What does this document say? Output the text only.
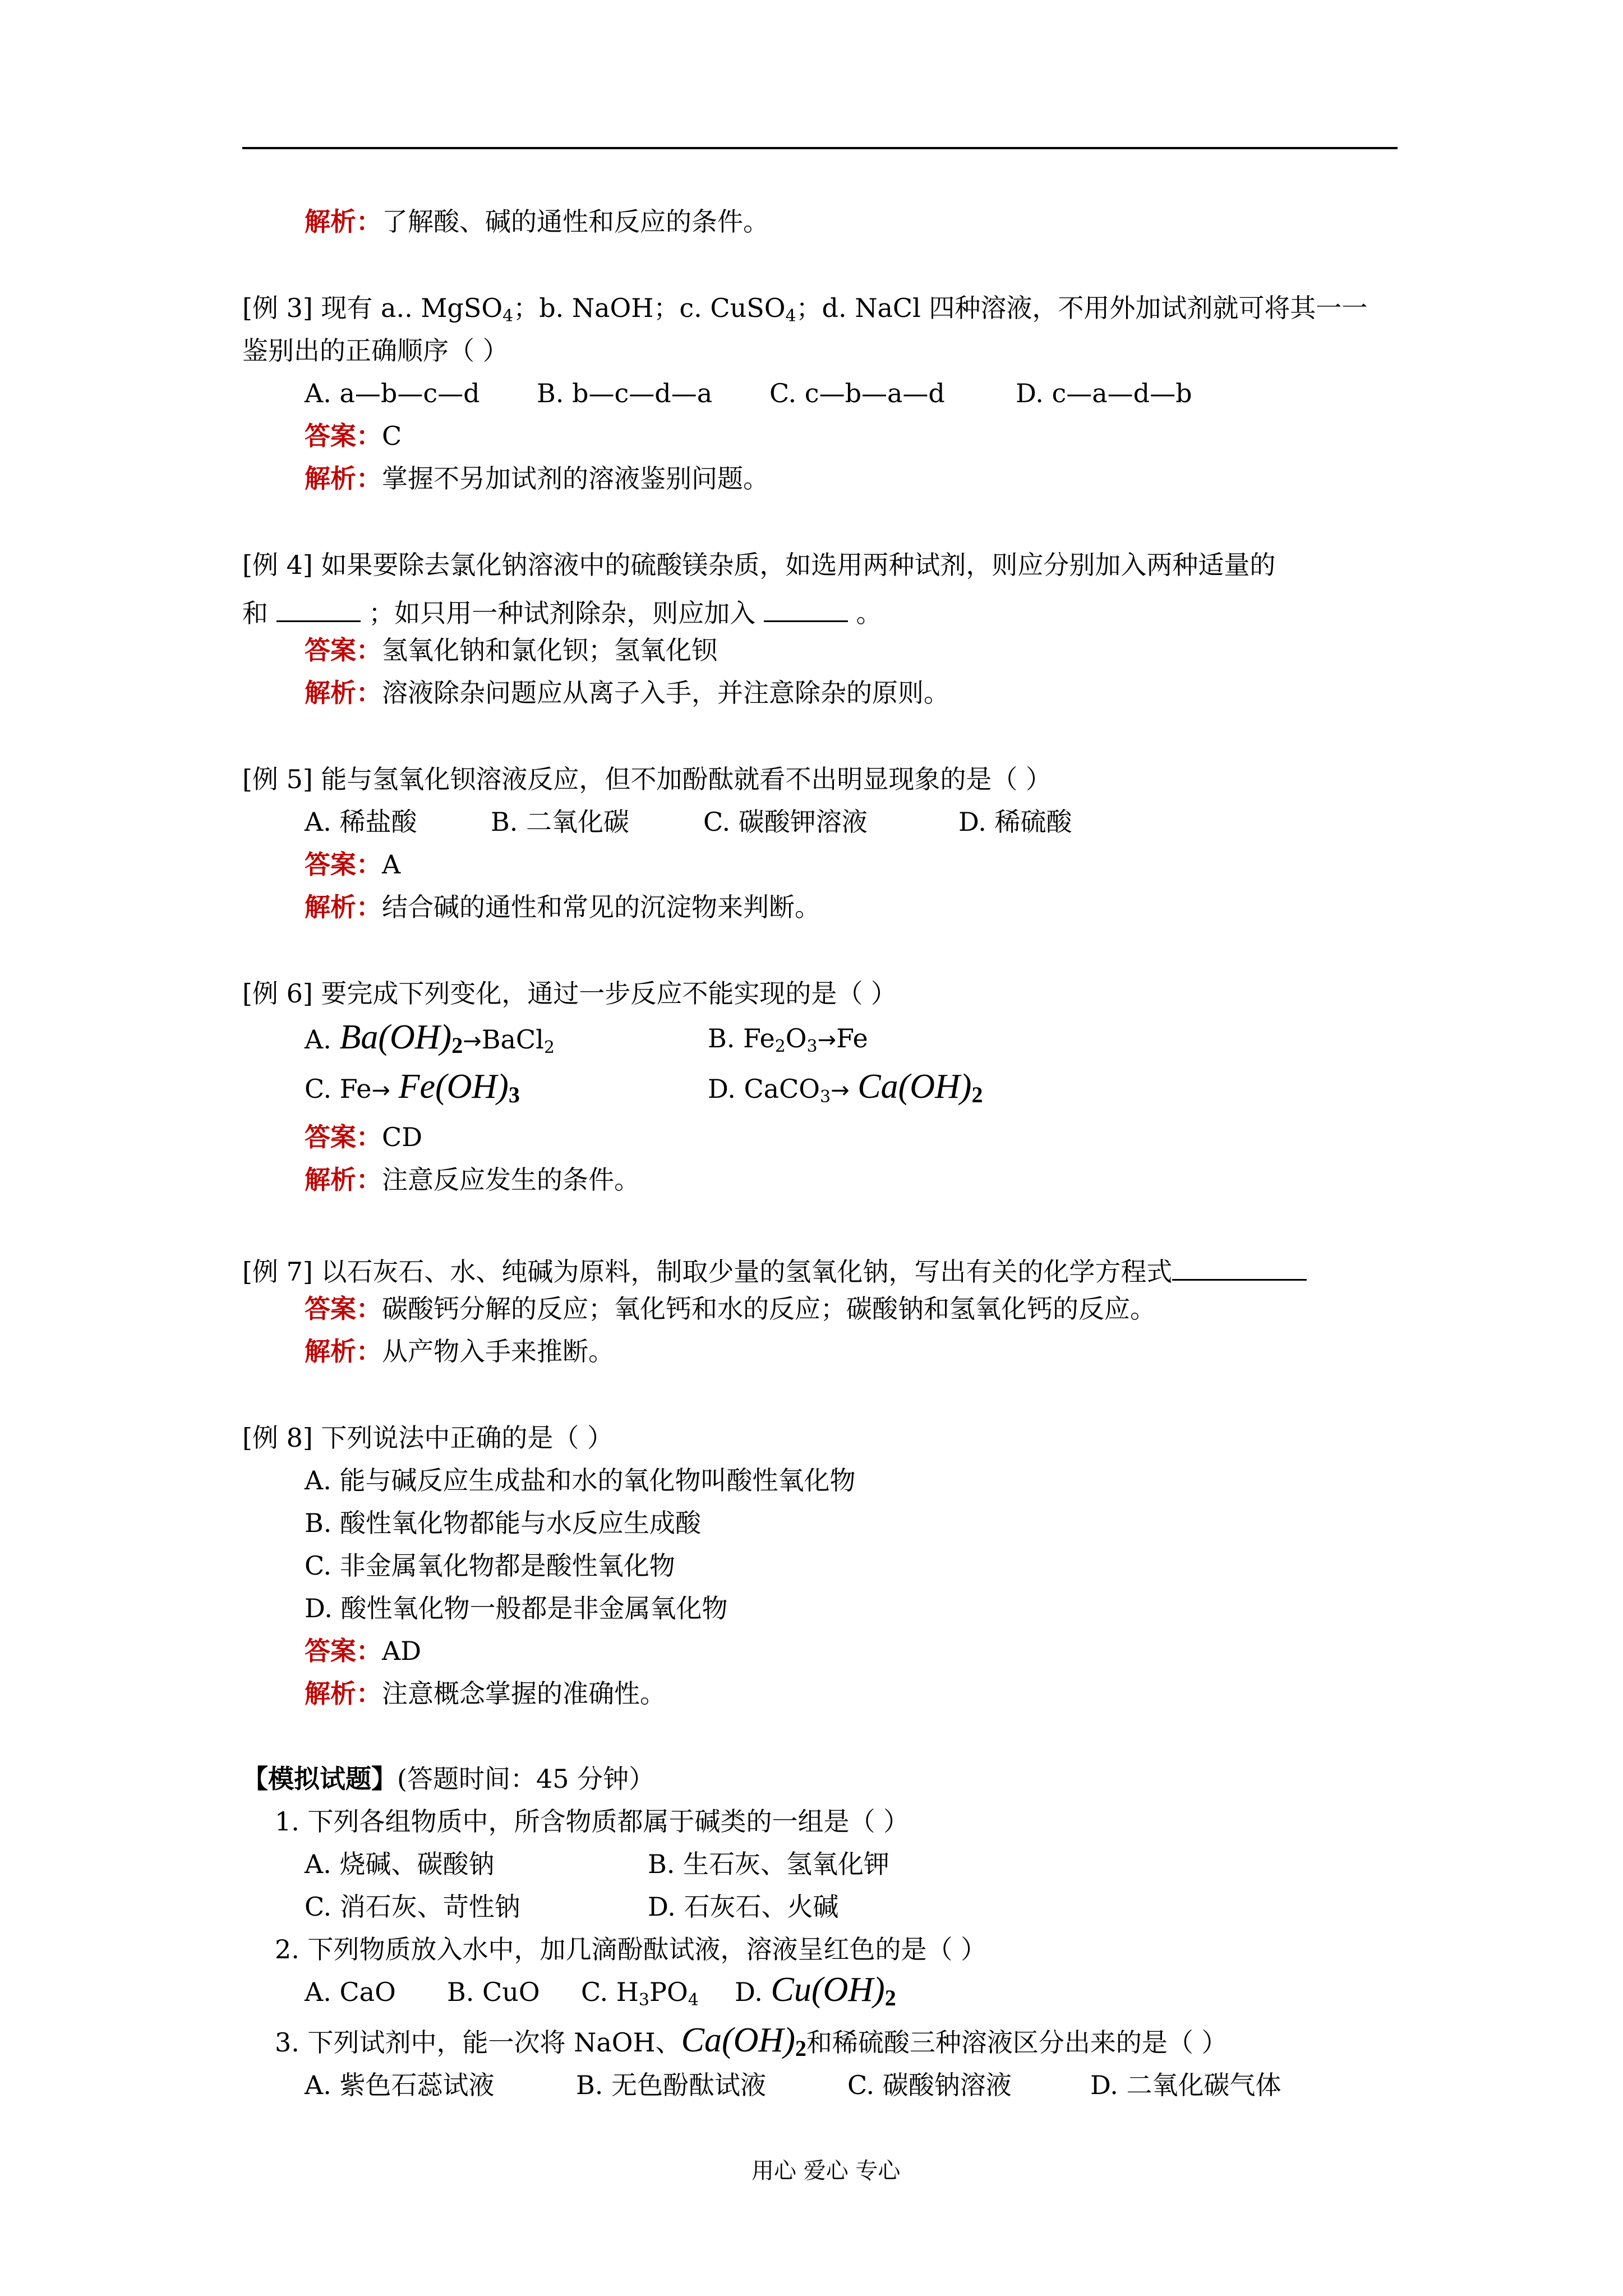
解析：了解酸、碱的通性和反应的条件。
[例 3] 现有 a.. MgSO$_4$；b. NaOH；c. CuSO$_4$；d. NaCl 四种溶液，不用外加试剂就可将其一一
鉴别出的正确顺序（ ）
A. a—b—c—d B. b—c—d—a C. c—b—a—d	D. c—a—d—b
答案：C
解析：掌握不另加试剂的溶液鉴别问题。
[例 4] 如果要除去氯化钠溶液中的硫酸镁杂质，如选用两种试剂，则应分别加入两种适量的
和	；如只用一种试剂除杂，则应加入	。
答案：氢氧化钠和氯化钡；氢氧化钡
解析：溶液除杂问题应从离子入手，并注意除杂的原则。
[例 5] 能与氢氧化钡溶液反应，但不加酚酞就看不出明显现象的是（ ）
A. 稀盐酸	B. 二氧化碳	C. 碳酸钾溶液	D. 稀硫酸
答案：A
解析：结合碱的通性和常见的沉淀物来判断。
[例 6] 要完成下列变化，通过一步反应不能实现的是（ ）
A. $Ba(OH)_2\to BaCl_2$	B. $Fe_2O_3\to Fe$
C. $Fe\to Fe(OH)_3$	D. CaCO$_3$→ $Ca(OH)_2$
答案：CD
解析：注意反应发生的条件。
[例 7] 以石灰石、水、纯碱为原料，制取少量的氢氧化钠，写出有关的化学方程式
答案：碳酸钙分解的反应；氧化钙和水的反应；碳酸钠和氢氧化钙的反应。
解析：从产物入手来推断。
[例 8] 下列说法中正确的是（ ）
A. 能与碱反应生成盐和水的氧化物叫酸性氧化物
B. 酸性氧化物都能与水反应生成酸
C. 非金属氧化物都是酸性氧化物
D. 酸性氧化物一般都是非金属氧化物
答案：AD
解析：注意概念掌握的准确性。
【模拟试题】(答题时间：45 分钟）
1. 下列各组物质中，所含物质都属于碱类的一组是（ ）
A. 烧碱、碳酸钠	B. 生石灰、氢氧化钾
C. 消石灰、苛性钠	D. 石灰石、火碱
2. 下列物质放入水中，加几滴酚酞试液，溶液呈红色的是（ ）
A. CaO B. CuO C. $H_3PO_4$ D. $Cu(OH)_2$
3. 下列试剂中，能一次将 NaOH、$Ca(OH)_2$和稀硫酸三种溶液区分出来的是（ ）
A. 紫色石蕊试液	B. 无色酚酞试液	C. 碳酸钠溶液	D. 二氧化碳气体
用心 爱心 专心
